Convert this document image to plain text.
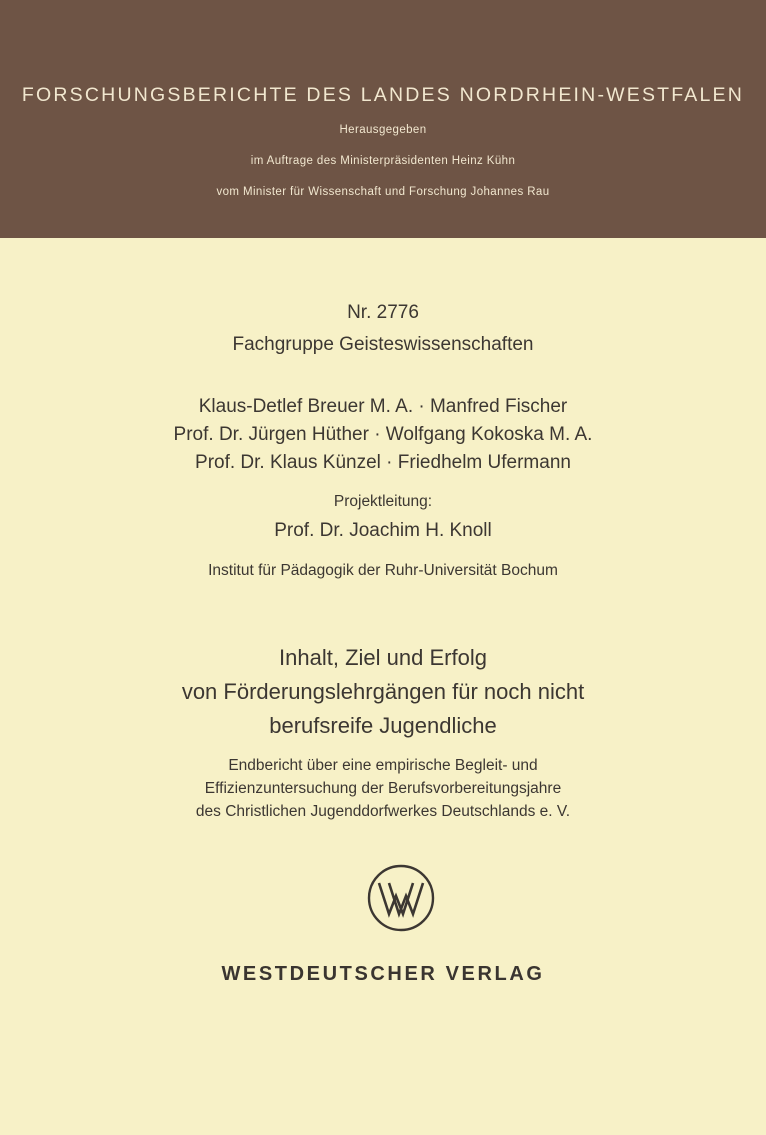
FORSCHUNGSBERICHTE DES LANDES NORDRHEIN-WESTFALEN
Herausgegeben
im Auftrage des Ministerpräsidenten Heinz Kühn
vom Minister für Wissenschaft und Forschung Johannes Rau
Nr. 2776
Fachgruppe Geisteswissenschaften
Klaus-Detlef Breuer M. A. · Manfred Fischer
Prof. Dr. Jürgen Hüther · Wolfgang Kokoska M. A.
Prof. Dr. Klaus Künzel · Friedhelm Ufermann
Projektleitung:
Prof. Dr. Joachim H. Knoll
Institut für Pädagogik der Ruhr-Universität Bochum
Inhalt, Ziel und Erfolg
von Förderungslehrgängen für noch nicht
berufsreife Jugendliche
Endbericht über eine empirische Begleit- und
Effizienzuntersuchung der Berufsvorbereitungsjahre
des Christlichen Jugenddorfwerkes Deutschlands e. V.
WESTDEUTSCHER VERLAG
